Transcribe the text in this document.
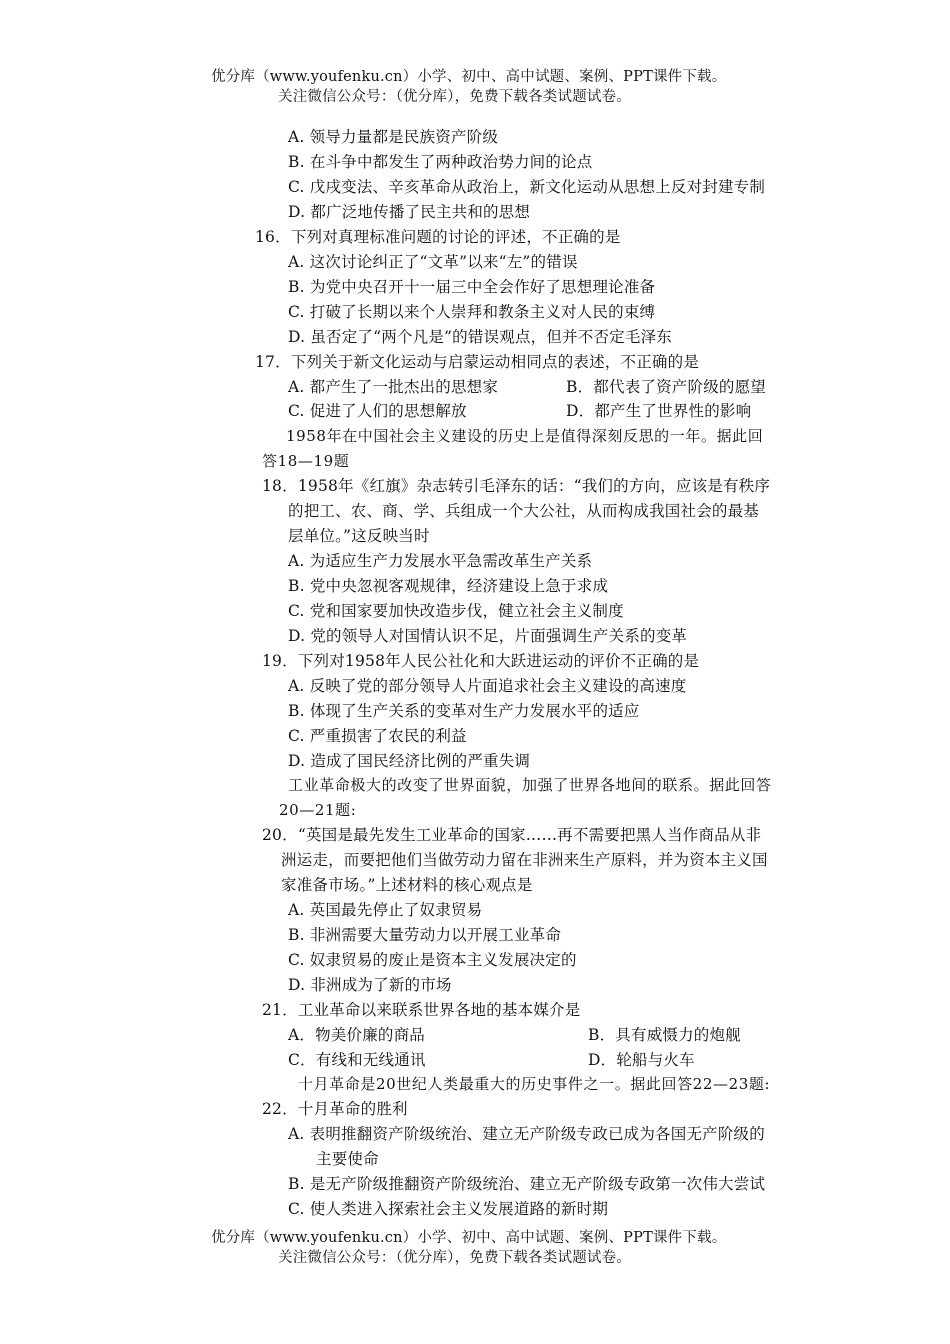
优分库（www.youfenku.cn）小学、初中、高中试题、案例、PPT课件下载。
关注微信公众号：（优分库），免费下载各类试题试卷。
A. 领导力量都是民族资产阶级
B. 在斗争中都发生了两种政治势力间的论点
C. 戊戌变法、辛亥革命从政治上，新文化运动从思想上反对封建专制
D. 都广泛地传播了民主共和的思想
16．下列对真理标准问题的讨论的评述，不正确的是
A. 这次讨论纠正了“文革”以来“左”的错误
B. 为党中央召开十一届三中全会作好了思想理论准备
C. 打破了长期以来个人崇拜和教条主义对人民的束缚
D. 虽否定了“两个凡是”的错误观点，但并不否定毛泽东
17．下列关于新文化运动与启蒙运动相同点的表述，不正确的是
A. 都产生了一批杰出的思想家	B．都代表了资产阶级的愿望
C. 促进了人们的思想解放	D．都产生了世界性的影响
1958年在中国社会主义建设的历史上是值得深刻反思的一年。据此回
答18—19题
18．1958年《红旗》杂志转引毛泽东的话：“我们的方向，应该是有秩序
的把工、农、商、学、兵组成一个大公社，从而构成我国社会的最基
层单位。”这反映当时
A. 为适应生产力发展水平急需改革生产关系
B. 党中央忽视客观规律，经济建设上急于求成
C. 党和国家要加快改造步伐，健立社会主义制度
D. 党的领导人对国情认识不足，片面强调生产关系的变革
19．下列对1958年人民公社化和大跃进运动的评价不正确的是
A. 反映了党的部分领导人片面追求社会主义建设的高速度
B. 体现了生产关系的变革对生产力发展水平的适应
C. 严重损害了农民的利益
D. 造成了国民经济比例的严重失调
工业革命极大的改变了世界面貌，加强了世界各地间的联系。据此回答
20—21题:
20．“英国是最先发生工业革命的国家……再不需要把黑人当作商品从非
洲运走，而要把他们当做劳动力留在非洲来生产原料，并为资本主义国
家准备市场。”上述材料的核心观点是
A. 英国最先停止了奴隶贸易
B. 非洲需要大量劳动力以开展工业革命
C. 奴隶贸易的废止是资本主义发展决定的
D. 非洲成为了新的市场
21．工业革命以来联系世界各地的基本媒介是
A．物美价廉的商品	B．具有威慑力的炮舰
C．有线和无线通讯	D．轮船与火车
十月革命是20世纪人类最重大的历史事件之一。据此回答22—23题:
22．十月革命的胜利
A. 表明推翻资产阶级统治、建立无产阶级专政已成为各国无产阶级的
主要使命
B. 是无产阶级推翻资产阶级统治、建立无产阶级专政第一次伟大尝试
C. 使人类进入探索社会主义发展道路的新时期
优分库（www.youfenku.cn）小学、初中、高中试题、案例、PPT课件下载。
关注微信公众号：（优分库），免费下载各类试题试卷。
